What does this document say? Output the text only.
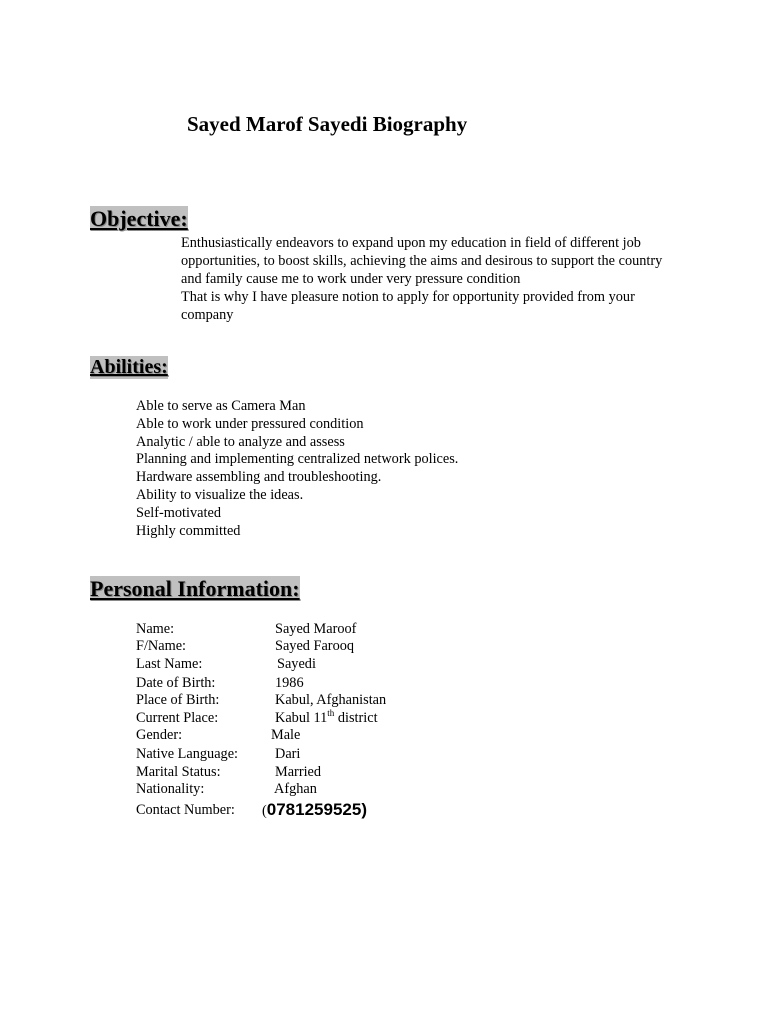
Sayed Marof Sayedi Biography
Objective:

Enthusiastically endeavors to expand upon my education in field of different job opportunities, to boost skills, achieving the aims and desirous to support the country and family cause me to work under very pressure condition

That is why I have pleasure notion to apply for opportunity provided from your company

Abilities:
Able to serve as Camera Man
Able to work under pressured condition
Analytic / able to analyze and assess
Planning and implementing centralized network polices.
Hardware assembling and troubleshooting.
Ability to visualize the ideas.
Self-motivated
Highly committed
Personal Information:
Name:	Sayed Maroof
F/Name:	Sayed Farooq
Last Name:	Sayedi
Date of Birth:	1986
Place of Birth:	Kabul, Afghanistan
Current Place:	Kabul 11th district
Gender:	Male
Native Language:	Dari
Marital Status:	Married
Nationality:	Afghan
Contact Number: (0781259525)
